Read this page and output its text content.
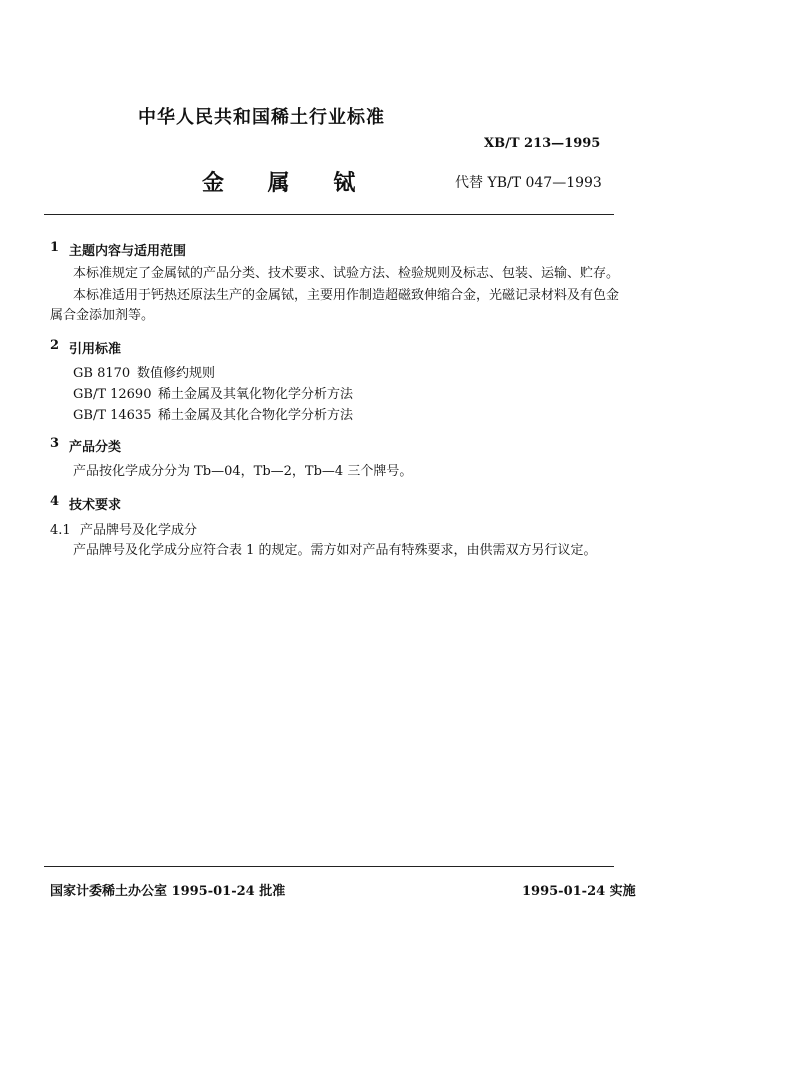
中华人民共和国稀土行业标准
XB/T 213—1995
金 属 铽	代替 YB/T 047—1993
1 主题内容与适用范围
本标准规定了金属铽的产品分类、技术要求、试验方法、检验规则及标志、包装、运输、贮存。
本标准适用于钙热还原法生产的金属铽，主要用作制造超磁致伸缩合金，光磁记录材料及有色金
属合金添加剂等。
2 引用标准
GB 8170 数值修约规则
GB/T 12690 稀土金属及其氧化物化学分析方法
GB/T 14635 稀土金属及其化合物化学分析方法
3 产品分类
产品按化学成分分为 Tb—04，Tb—2，Tb—4 三个牌号。
4 技术要求
4.1 产品牌号及化学成分
产品牌号及化学成分应符合表 1 的规定。需方如对产品有特殊要求，由供需双方另行议定。
国家计委稀土办公室 1995-01-24 批准	1995-01-24 实施
